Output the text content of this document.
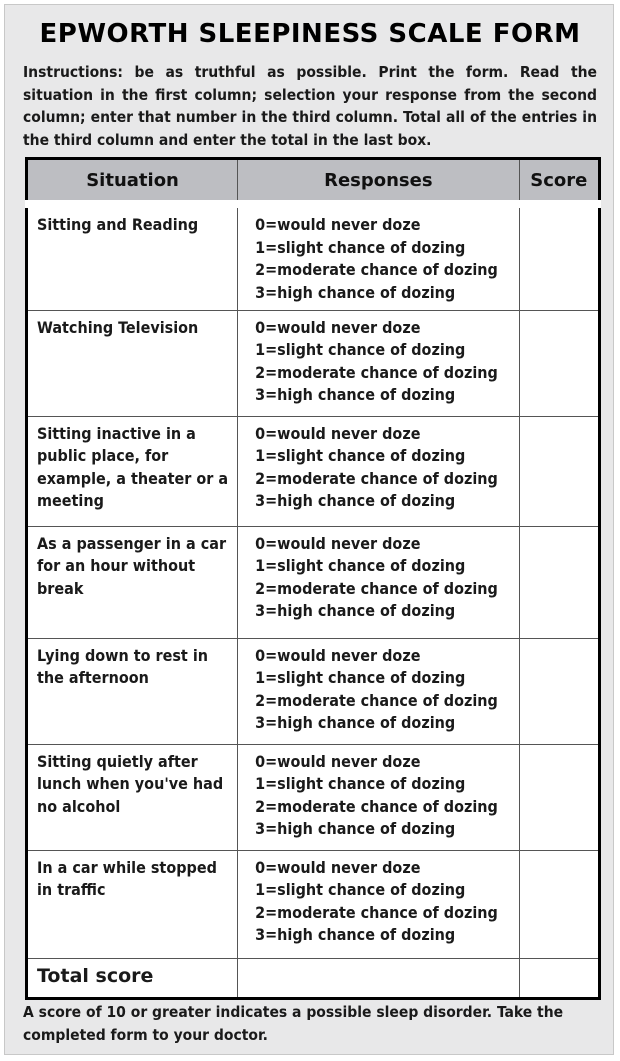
EPWORTH SLEEPINESS SCALE FORM
Instructions: be as truthful as possible. Print the form. Read the situation in the first column; selection your response from the second column; enter that number in the third column. Total all of the entries in the third column and enter the total in the last box.
Situation	Responses	Score
Sitting and Reading	0=would never doze
1=slight chance of dozing
2=moderate chance of dozing
3=high chance of dozing	

Watching Television	0=would never doze
1=slight chance of dozing
2=moderate chance of dozing
3=high chance of dozing	

Sitting inactive in a public place, for example, a theater or a meeting	0=would never doze
1=slight chance of dozing
2=moderate chance of dozing
3=high chance of dozing	

As a passenger in a car for an hour without break	0=would never doze
1=slight chance of dozing
2=moderate chance of dozing
3=high chance of dozing	

Lying down to rest in the afternoon	0=would never doze
1=slight chance of dozing
2=moderate chance of dozing
3=high chance of dozing	

Sitting quietly after lunch when you've had no alcohol	0=would never doze
1=slight chance of dozing
2=moderate chance of dozing
3=high chance of dozing	

In a car while stopped in traffic	0=would never doze
1=slight chance of dozing
2=moderate chance of dozing
3=high chance of dozing	

Total score		
A score of 10 or greater indicates a possible sleep disorder. Take the completed form to your doctor.
